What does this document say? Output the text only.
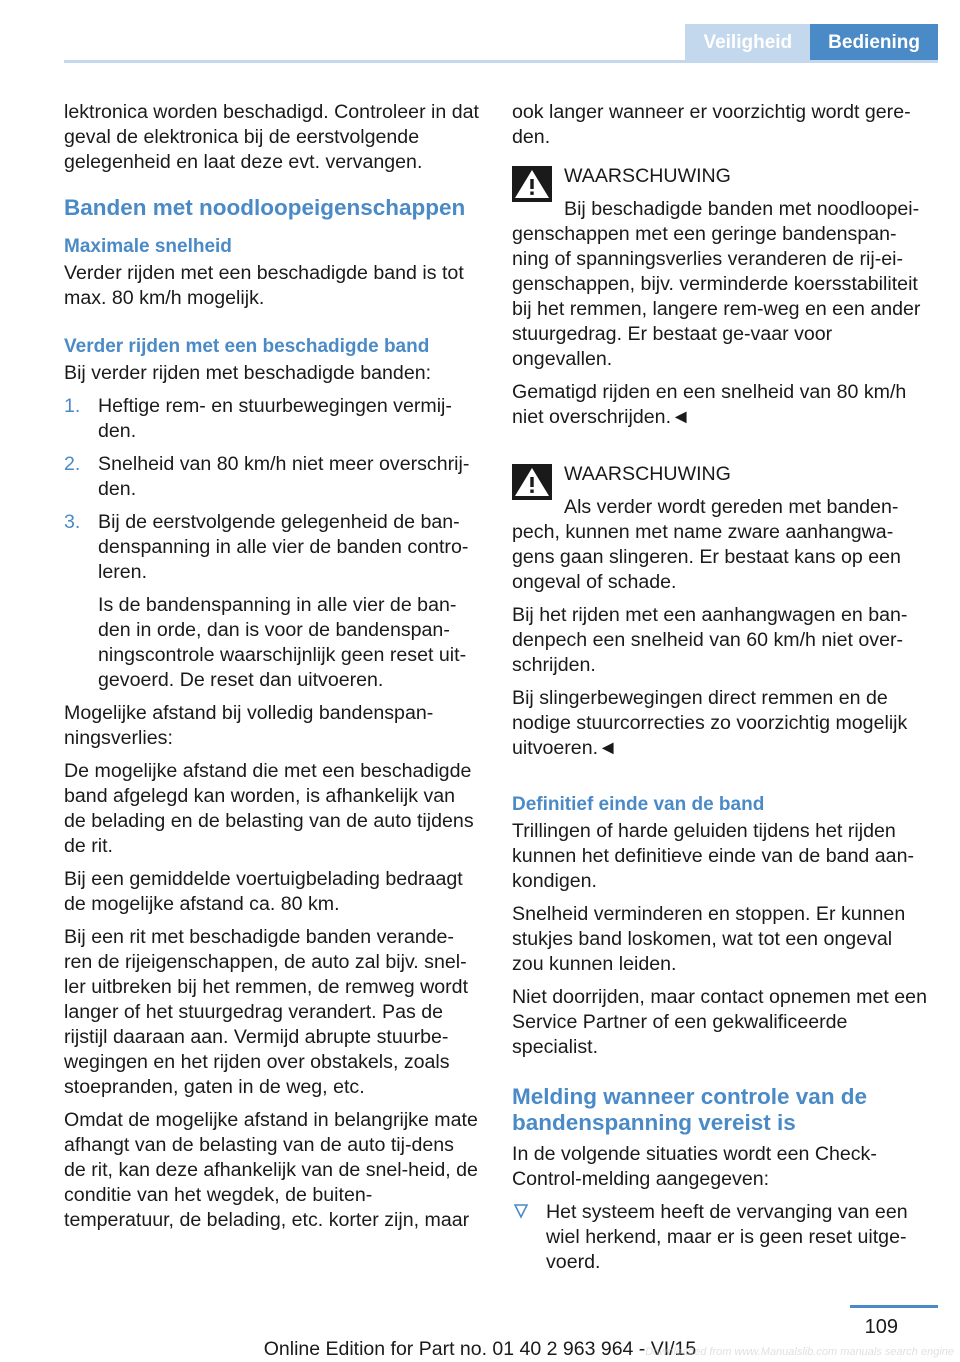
Veiligheid	Bediening

lektronica worden beschadigd. Controleer in dat geval de elektronica bij de eerstvolgende gelegenheid en laat deze evt. vervangen.

Banden met noodloopeigenschappen
Maximale snelheid

Verder rijden met een beschadigde band is tot max. 80 km/h mogelijk.

Verder rijden met een beschadigde band

Bij verder rijden met beschadigde banden:

1. Heftige rem- en stuurbewegingen vermij-den.

2. Snelheid van 80 km/h niet meer overschrij-den.

3. Bij de eerstvolgende gelegenheid de ban-denspanning in alle vier de banden contro-leren.

Is de bandenspanning in alle vier de ban-den in orde, dan is voor de bandenspan-ningscontrole waarschijnlijk geen reset uit-gevoerd. De reset dan uitvoeren.

Mogelijke afstand bij volledig bandenspan-ningsverlies:

De mogelijke afstand die met een beschadigde band afgelegd kan worden, is afhankelijk van de belading en de belasting van de auto tijdens de rit.

Bij een gemiddelde voertuigbelading bedraagt de mogelijke afstand ca. 80 km.

Bij een rit met beschadigde banden verande-ren de rijeigenschappen, de auto zal bijv. snel-ler uitbreken bij het remmen, de remweg wordt langer of het stuurgedrag verandert. Pas de rijstijl daaraan aan. Vermijd abrupte stuurbe-wegingen en het rijden over obstakels, zoals stoepranden, gaten in de weg, etc.

Omdat de mogelijke afstand in belangrijke mate afhangt van de belasting van de auto tij-dens de rit, kan deze afhankelijk van de snel-heid, de conditie van het wegdek, de buiten-temperatuur, de belading, etc. korter zijn, maar

ook langer wanneer er voorzichtig wordt gere-den.

WAARSCHUWING

Bij beschadigde banden met noodloopei-genschappen met een geringe bandenspan-ning of spanningsverlies veranderen de rij-ei-genschappen, bijv. verminderde koersstabiliteit bij het remmen, langere rem-weg en een ander stuurgedrag. Er bestaat ge-vaar voor ongevallen.

Gematigd rijden en een snelheid van 80 km/h niet overschrijden.◄

WAARSCHUWING

Als verder wordt gereden met banden-pech, kunnen met name zware aanhangwa-gens gaan slingeren. Er bestaat kans op een ongeval of schade.

Bij het rijden met een aanhangwagen en ban-denpech een snelheid van 60 km/h niet over-schrijden.

Bij slingerbewegingen direct remmen en de nodige stuurcorrecties zo voorzichtig mogelijk uitvoeren.◄

Definitief einde van de band

Trillingen of harde geluiden tijdens het rijden kunnen het definitieve einde van de band aan-kondigen.

Snelheid verminderen en stoppen. Er kunnen stukjes band loskomen, wat tot een ongeval zou kunnen leiden.

Niet doorrijden, maar contact opnemen met een Service Partner of een gekwalificeerde specialist.

Melding wanneer controle van de bandenspanning vereist is

In de volgende situaties wordt een Check-Control-melding aangegeven:

Het systeem heeft de vervanging van een wiel herkend, maar er is geen reset uitge-voerd.

109
Online Edition for Part no. 01 40 2 963 964 - VI/15
Downloaded from www.Manualslib.com manuals search engine
